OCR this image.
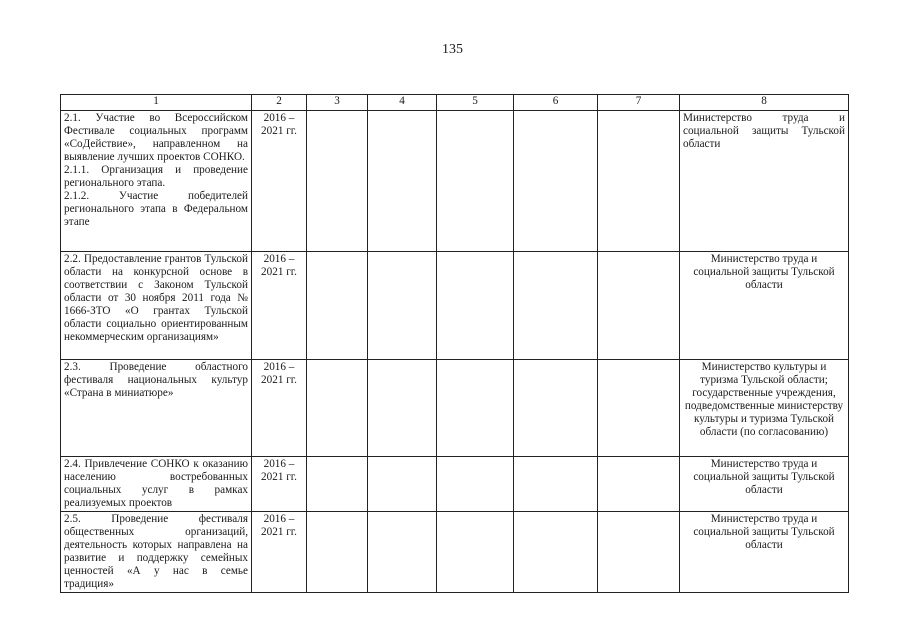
135
1	2	3	4	5	6	7	8

2.1. Участие во Всероссийском Фестивале социальных программ «СоДействие», направленном на выявление лучших проектов СОНКО.
2.1.1. Организация и проведение регионального этапа.
2.1.2. Участие победителей регионального этапа в Федеральном этапе	2016 – 2021 гг.						Министерство труда и социальной защиты Тульской области

2.2. Предоставление грантов Тульской области на конкурсной основе в соответствии с Законом Тульской области от 30 ноября 2011 года № 1666-ЗТО «О грантах Тульской области социально ориентированным некоммерческим организациям»	2016 – 2021 гг.						Министерство труда и социальной защиты Тульской области

2.3. Проведение областного фестиваля национальных культур «Страна в миниатюре»	2016 – 2021 гг.						Министерство культуры и туризма Тульской области; государственные учреждения, подведомственные министерству культуры и туризма Тульской области (по согласованию)

2.4. Привлечение СОНКО к оказанию населению востребованных социальных услуг в рамках реализуемых проектов	2016 – 2021 гг.						Министерство труда и социальной защиты Тульской области

2.5. Проведение фестиваля общественных организаций, деятельность которых направлена на развитие и поддержку семейных ценностей «А у нас в семье традиция»	2016 – 2021 гг.						Министерство труда и социальной защиты Тульской области
